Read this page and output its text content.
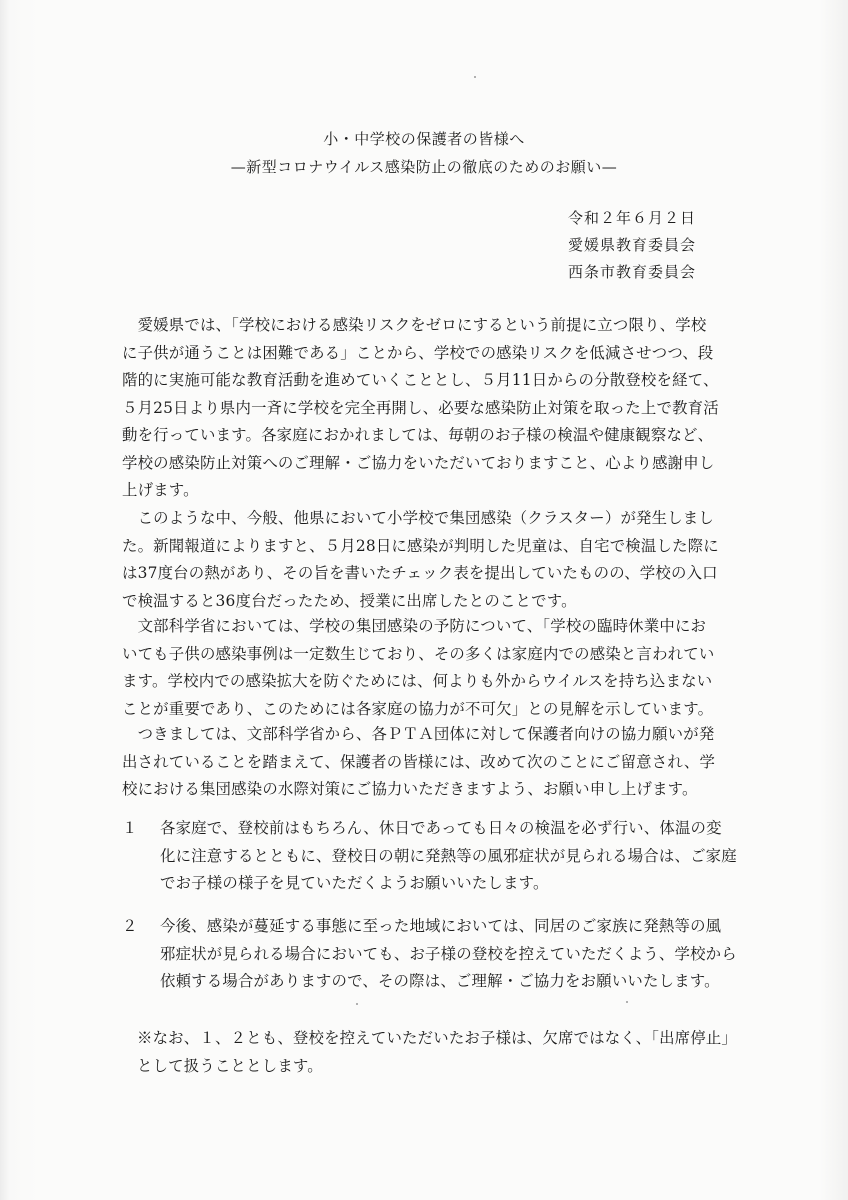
小・中学校の保護者の皆様へ
—新型コロナウイルス感染防止の徹底のためのお願い—
令和２年６月２日
愛媛県教育委員会
西条市教育委員会
　愛媛県では、「学校における感染リスクをゼロにするという前提に立つ限り、学校
に子供が通うことは困難である」ことから、学校での感染リスクを低減させつつ、段
階的に実施可能な教育活動を進めていくこととし、５月11日からの分散登校を経て、
５月25日より県内一斉に学校を完全再開し、必要な感染防止対策を取った上で教育活
動を行っています。各家庭におかれましては、毎朝のお子様の検温や健康観察など、
学校の感染防止対策へのご理解・ご協力をいただいておりますこと、心より感謝申し
上げます。
　このような中、今般、他県において小学校で集団感染（クラスター）が発生しまし
た。新聞報道によりますと、５月28日に感染が判明した児童は、自宅で検温した際に
は37度台の熱があり、その旨を書いたチェック表を提出していたものの、学校の入口
で検温すると36度台だったため、授業に出席したとのことです。
　文部科学省においては、学校の集団感染の予防について、「学校の臨時休業中にお
いても子供の感染事例は一定数生じており、その多くは家庭内での感染と言われてい
ます。学校内での感染拡大を防ぐためには、何よりも外からウイルスを持ち込まない
ことが重要であり、このためには各家庭の協力が不可欠」との見解を示しています。
　つきましては、文部科学省から、各ＰＴＡ団体に対して保護者向けの協力願いが発
出されていることを踏まえて、保護者の皆様には、改めて次のことにご留意され、学
校における集団感染の水際対策にご協力いただきますよう、お願い申し上げます。
１ 各家庭で、登校前はもちろん、休日であっても日々の検温を必ず行い、体温の変
化に注意するとともに、登校日の朝に発熱等の風邪症状が見られる場合は、ご家庭
でお子様の様子を見ていただくようお願いいたします。
２ 今後、感染が蔓延する事態に至った地域においては、同居のご家族に発熱等の風
邪症状が見られる場合においても、お子様の登校を控えていただくよう、学校から
依頼する場合がありますので、その際は、ご理解・ご協力をお願いいたします。
※なお、１、２とも、登校を控えていただいたお子様は、欠席ではなく、「出席停止」
として扱うこととします。
